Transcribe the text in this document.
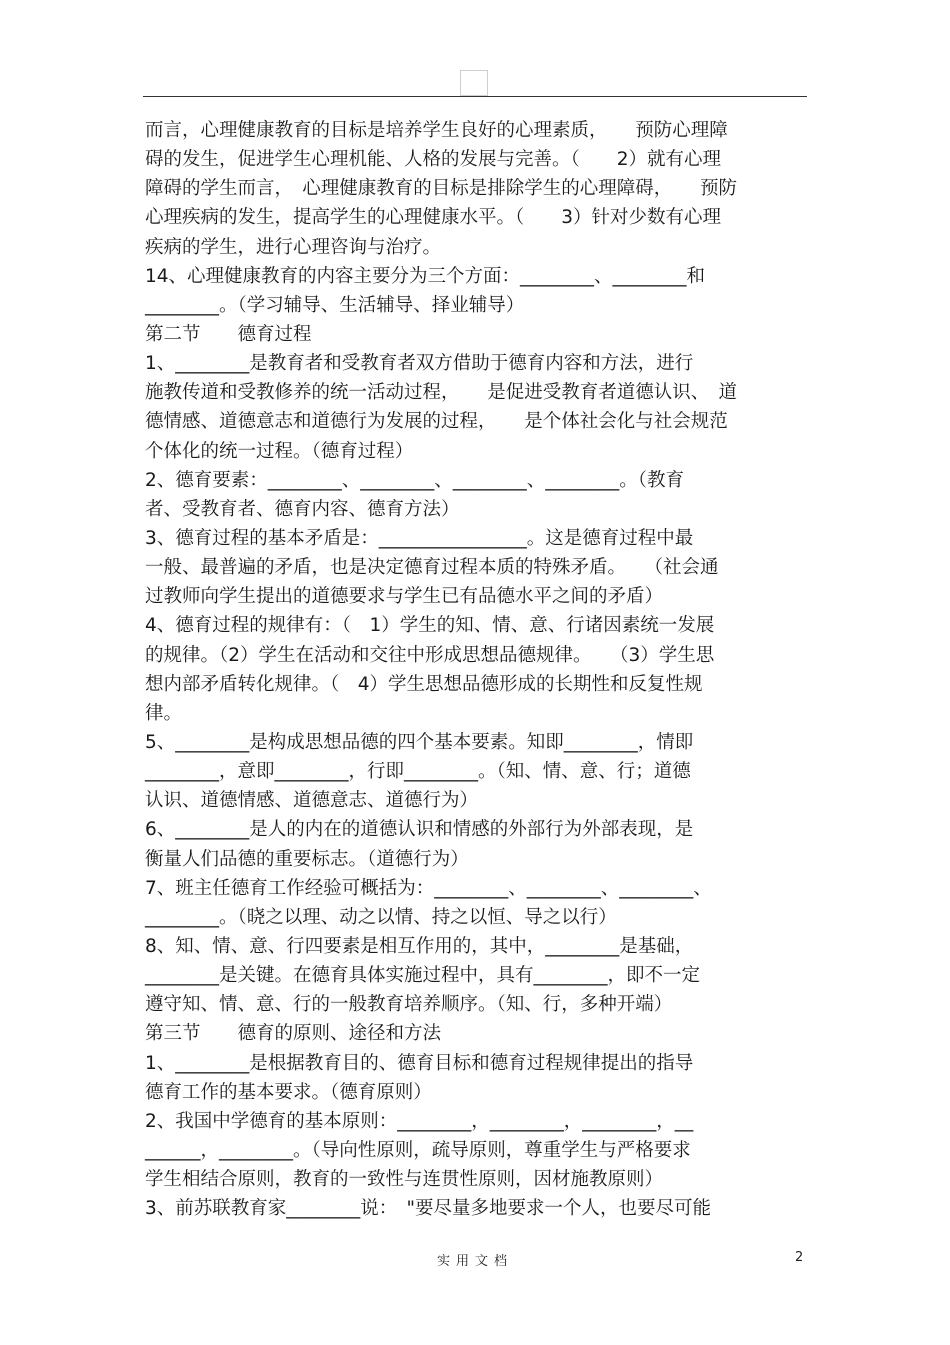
而言，心理健康教育的目标是培养学生良好的心理素质，　　预防心理障
碍的发生，促进学生心理机能、人格的发展与完善。（　　2）就有心理
障碍的学生而言，　心理健康教育的目标是排除学生的心理障碍，　　预防
心理疾病的发生，提高学生的心理健康水平。（　　3）针对少数有心理
疾病的学生，进行心理咨询与治疗。
14、心理健康教育的内容主要分为三个方面：________、________和
________。（学习辅导、生活辅导、择业辅导）
第二节　　德育过程
1、________是教育者和受教育者双方借助于德育内容和方法，进行
施教传道和受教修养的统一活动过程，　　是促进受教育者道德认识、　道
德情感、道德意志和道德行为发展的过程，　　是个体社会化与社会规范
个体化的统一过程。（德育过程）
2、德育要素：________、________、________、________。（教育
者、受教育者、德育内容、德育方法）
3、德育过程的基本矛盾是：________________。这是德育过程中最
一般、最普遍的矛盾，也是决定德育过程本质的特殊矛盾。　　（社会通
过教师向学生提出的道德要求与学生已有品德水平之间的矛盾）
4、德育过程的规律有：（　1）学生的知、情、意、行诸因素统一发展
的规律。（2）学生在活动和交往中形成思想品德规律。　　（3）学生思
想内部矛盾转化规律。（　4）学生思想品德形成的长期性和反复性规
律。
5、________是构成思想品德的四个基本要素。知即________，情即
________，意即________，行即________。（知、情、意、行；道德
认识、道德情感、道德意志、道德行为）
6、________是人的内在的道德认识和情感的外部行为外部表现，是
衡量人们品德的重要标志。（道德行为）
7、班主任德育工作经验可概括为：________、________、________、
________。（晓之以理、动之以情、持之以恒、导之以行）
8、知、情、意、行四要素是相互作用的，其中，________是基础，
________是关键。在德育具体实施过程中，具有________，即不一定
遵守知、情、意、行的一般教育培养顺序。（知、行，多种开端）
第三节　　德育的原则、途径和方法
1、________是根据教育目的、德育目标和德育过程规律提出的指导
德育工作的基本要求。（德育原则）
2、我国中学德育的基本原则：________，________，________，__
______，________。（导向性原则，疏导原则，尊重学生与严格要求
学生相结合原则，教育的一致性与连贯性原则，因材施教原则）
3、前苏联教育家________说：　"要尽量多地要求一个人，也要尽可能
实用文档	2
